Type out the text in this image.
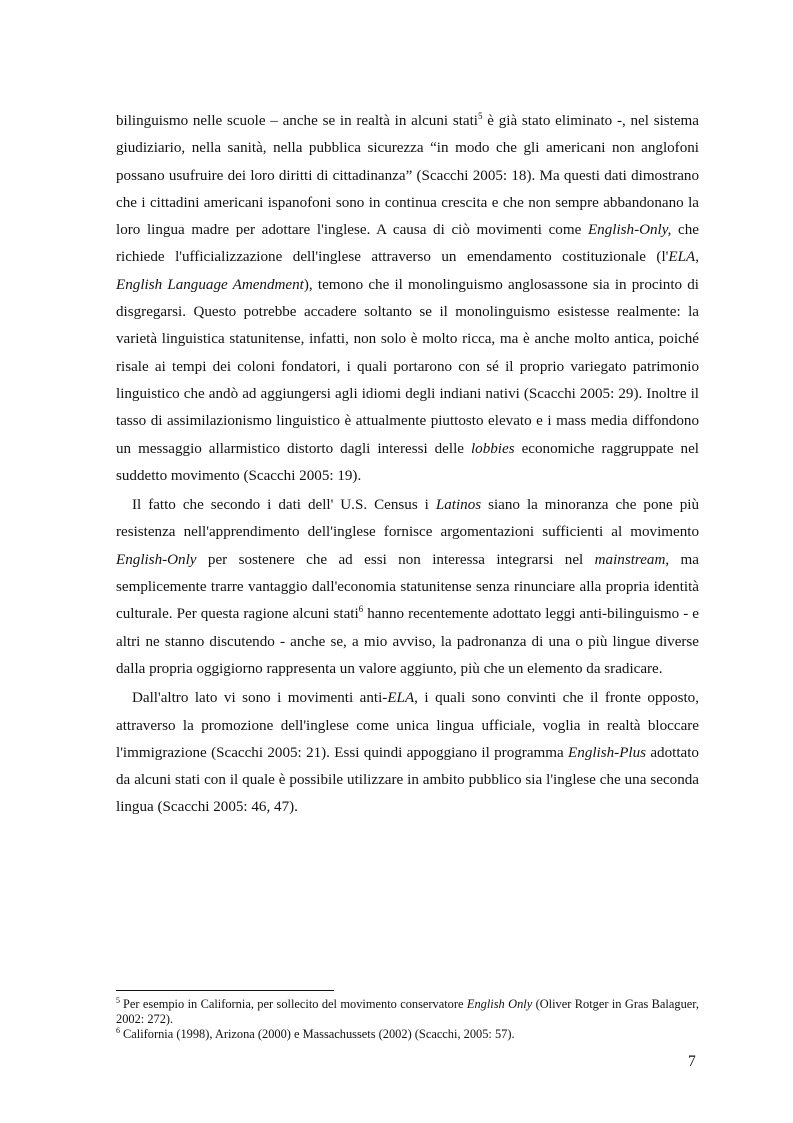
bilinguismo nelle scuole – anche se in realtà in alcuni stati$^5$ è già stato eliminato -, nel sistema giudiziario, nella sanità, nella pubblica sicurezza “in modo che gli americani non anglofoni possano usufruire dei loro diritti di cittadinanza” (Scacchi 2005: 18). Ma questi dati dimostrano che i cittadini americani ispanofoni sono in continua crescita e che non sempre abbandonano la loro lingua madre per adottare l'inglese. A causa di ciò movimenti come English-Only, che richiede l'ufficializzazione dell'inglese attraverso un emendamento costituzionale (l'ELA, English Language Amendment), temono che il monolinguismo anglosassone sia in procinto di disgregarsi. Questo potrebbe accadere soltanto se il monolinguismo esistesse realmente: la varietà linguistica statunitense, infatti, non solo è molto ricca, ma è anche molto antica, poiché risale ai tempi dei coloni fondatori, i quali portarono con sé il proprio variegato patrimonio linguistico che andò ad aggiungersi agli idiomi degli indiani nativi (Scacchi 2005: 29). Inoltre il tasso di assimilazionismo linguistico è attualmente piuttosto elevato e i mass media diffondono un messaggio allarmistico distorto dagli interessi delle lobbies economiche raggruppate nel suddetto movimento (Scacchi 2005: 19).

Il fatto che secondo i dati dell' U.S. Census i Latinos siano la minoranza che pone più resistenza nell'apprendimento dell'inglese fornisce argomentazioni sufficienti al movimento English-Only per sostenere che ad essi non interessa integrarsi nel mainstream, ma semplicemente trarre vantaggio dall'economia statunitense senza rinunciare alla propria identità culturale. Per questa ragione alcuni stati$^6$ hanno recentemente adottato leggi anti-bilinguismo - e altri ne stanno discutendo - anche se, a mio avviso, la padronanza di una o più lingue diverse dalla propria oggigiorno rappresenta un valore aggiunto, più che un elemento da sradicare.

Dall'altro lato vi sono i movimenti anti-ELA, i quali sono convinti che il fronte opposto, attraverso la promozione dell'inglese come unica lingua ufficiale, voglia in realtà bloccare l'immigrazione (Scacchi 2005: 21). Essi quindi appoggiano il programma English-Plus adottato da alcuni stati con il quale è possibile utilizzare in ambito pubblico sia l'inglese che una seconda lingua (Scacchi 2005: 46, 47).

$^5$ Per esempio in California, per sollecito del movimento conservatore English Only (Oliver Rotger in Gras Balaguer, 2002: 272).

$^6$ California (1998), Arizona (2000) e Massachussets (2002) (Scacchi, 2005: 57).

7
